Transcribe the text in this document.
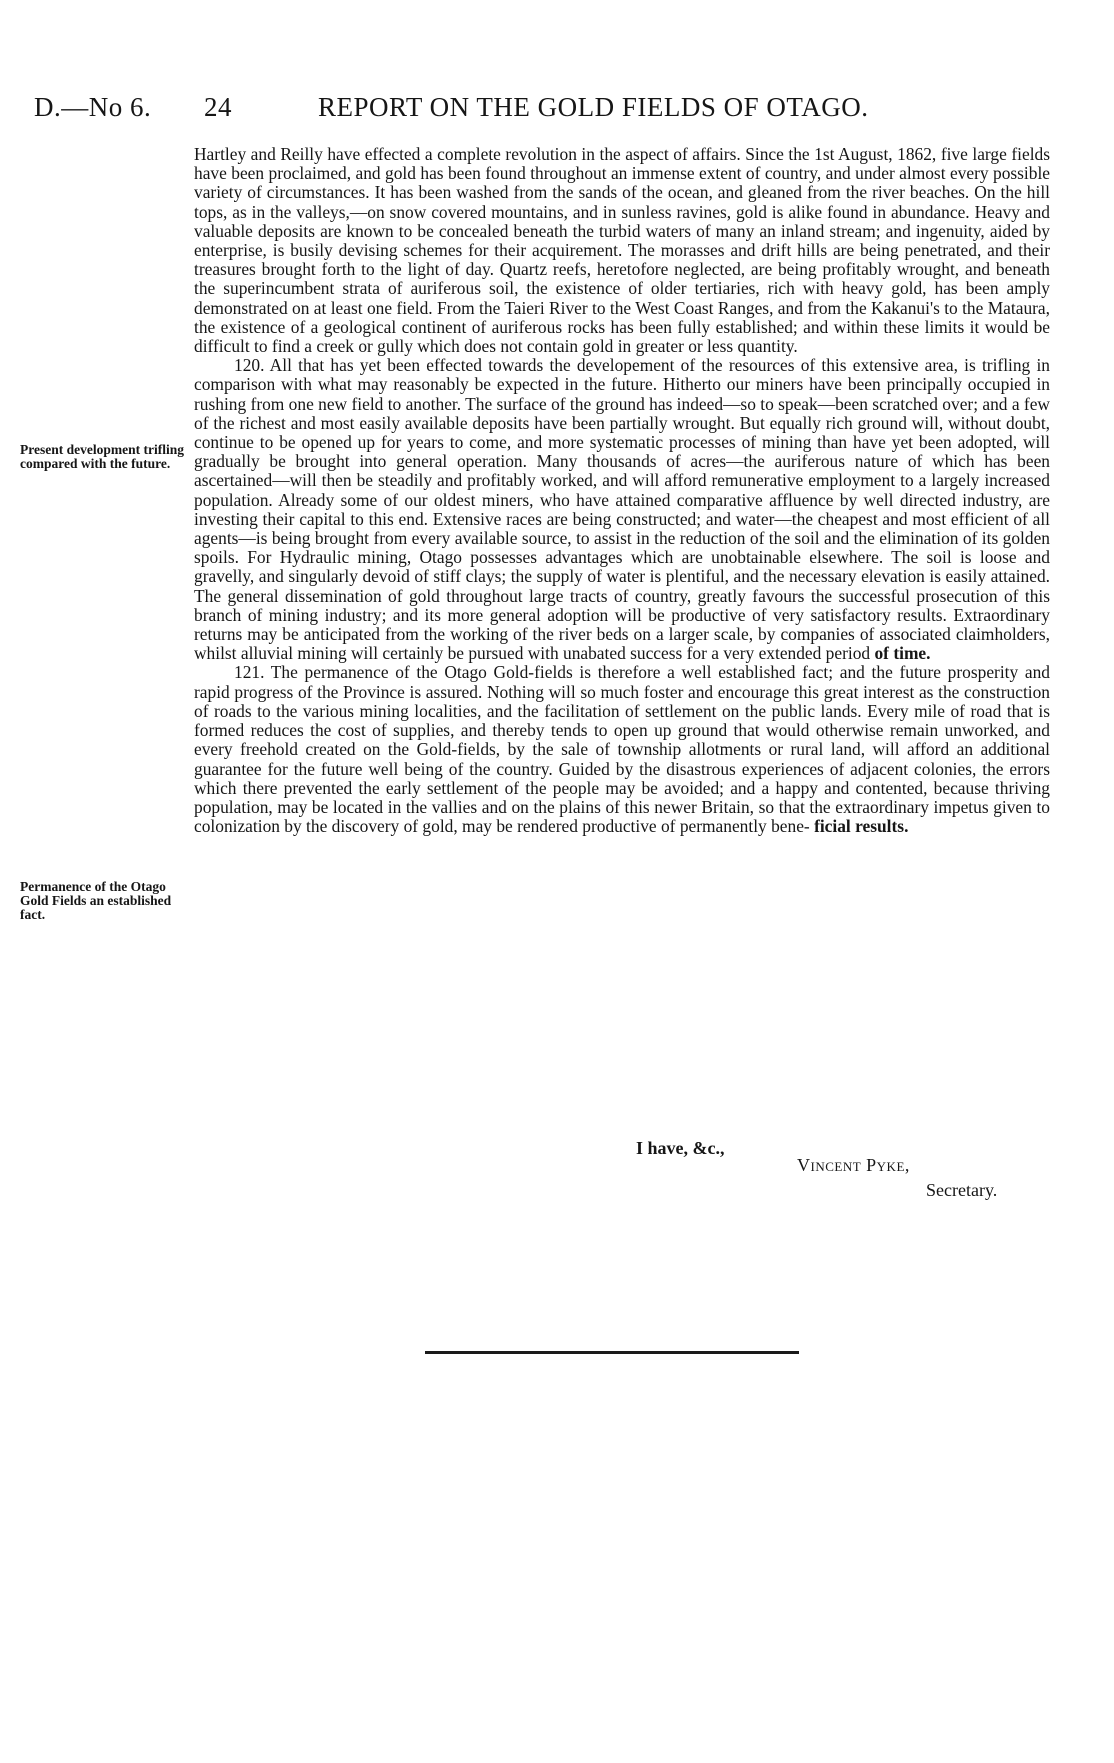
D.—No 6. 24	REPORT ON THE GOLD FIELDS OF OTAGO.
Present development trifling compared with the future.
Permanence of the Otago Gold Fields an established fact.

Hartley and Reilly have effected a complete revolution in the aspect of affairs. Since the 1st August, 1862, five large fields have been proclaimed, and gold has been found throughout an immense extent of country, and under almost every possible variety of circumstances. It has been washed from the sands of the ocean, and gleaned from the river beaches. On the hill tops, as in the valleys,—on snow covered mountains, and in sunless ravines, gold is alike found in abundance. Heavy and valuable deposits are known to be concealed beneath the turbid waters of many an inland stream; and ingenuity, aided by enterprise, is busily devising schemes for their acquirement. The morasses and drift hills are being penetrated, and their treasures brought forth to the light of day. Quartz reefs, heretofore neglected, are being profitably wrought, and beneath the superincumbent strata of auriferous soil, the existence of older tertiaries, rich with heavy gold, has been amply demonstrated on at least one field. From the Taieri River to the West Coast Ranges, and from the Kakanui's to the Mataura, the existence of a geological continent of auriferous rocks has been fully established; and within these limits it would be difficult to find a creek or gully which does not contain gold in greater or less quantity.

120. All that has yet been effected towards the developement of the resources of this extensive area, is trifling in comparison with what may reasonably be expected in the future. Hitherto our miners have been principally occupied in rushing from one new field to another. The surface of the ground has indeed—so to speak—been scratched over; and a few of the richest and most easily available deposits have been partially wrought. But equally rich ground will, without doubt, continue to be opened up for years to come, and more systematic processes of mining than have yet been adopted, will gradually be brought into general operation. Many thousands of acres—the auriferous nature of which has been ascertained—will then be steadily and profitably worked, and will afford remunerative employment to a largely increased population. Already some of our oldest miners, who have attained comparative affluence by well directed industry, are investing their capital to this end. Extensive races are being constructed; and water—the cheapest and most efficient of all agents—is being brought from every available source, to assist in the reduction of the soil and the elimination of its golden spoils. For Hydraulic mining, Otago possesses advantages which are unobtainable elsewhere. The soil is loose and gravelly, and singularly devoid of stiff clays; the supply of water is plentiful, and the necessary elevation is easily attained. The general dissemination of gold throughout large tracts of country, greatly favours the successful prosecution of this branch of mining industry; and its more general adoption will be productive of very satisfactory results. Extraordinary returns may be anticipated from the working of the river beds on a larger scale, by companies of associated claimholders, whilst alluvial mining will certainly be pursued with unabated success for a very extended period of time.

121. The permanence of the Otago Gold-fields is therefore a well established fact; and the future prosperity and rapid progress of the Province is assured. Nothing will so much foster and encourage this great interest as the construction of roads to the various mining localities, and the facilitation of settlement on the public lands. Every mile of road that is formed reduces the cost of supplies, and thereby tends to open up ground that would otherwise remain unworked, and every freehold created on the Gold-fields, by the sale of township allotments or rural land, will afford an additional guarantee for the future well being of the country. Guided by the disastrous experiences of adjacent colonies, the errors which there prevented the early settlement of the people may be avoided; and a happy and contented, because thriving population, may be located in the vallies and on the plains of this newer Britain, so that the extraordinary impetus given to colonization by the discovery of gold, may be rendered productive of permanently bene- ficial results.

I have, &c.,
Vincent Pyke,
Secretary.
